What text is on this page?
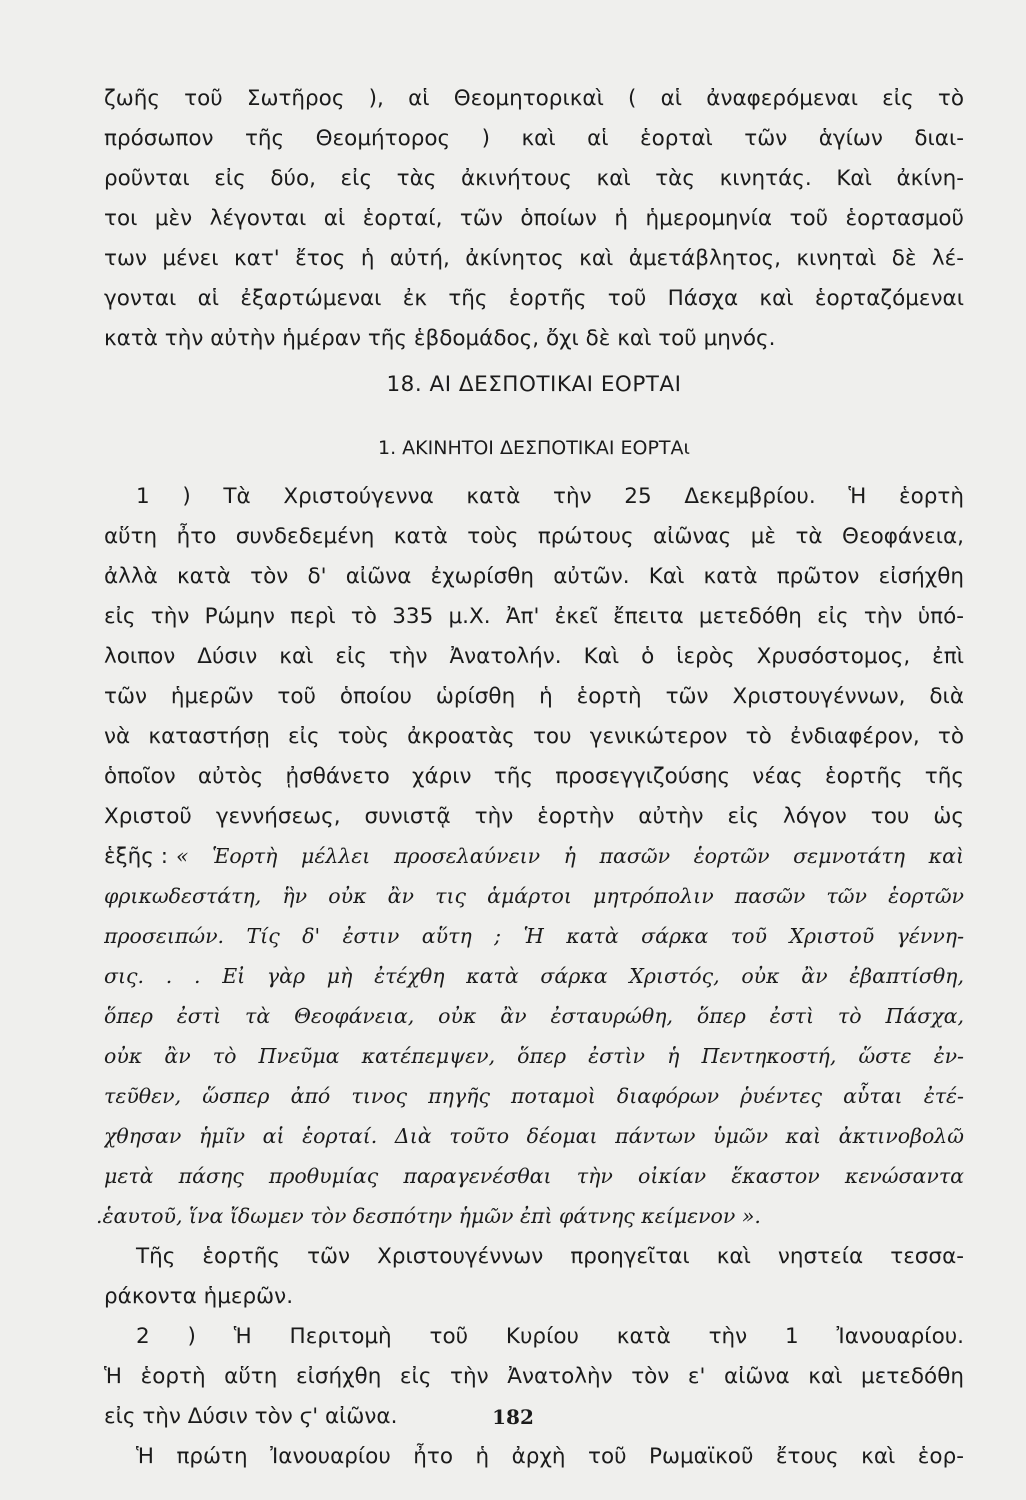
ζωῆς τοῦ Σωτῆρος ), αἱ Θεομητορικαὶ ( αἱ ἀναφερόμεναι εἰς τὸ
πρόσωπον τῆς Θεομήτορος ) καὶ αἱ ἑορταὶ τῶν ἁγίων διαι-
ροῦνται εἰς δύο, εἰς τὰς ἀκινήτους καὶ τὰς κινητάς. Καὶ ἀκίνη-
τοι μὲν λέγονται αἱ ἑορταί, τῶν ὁποίων ἡ ἡμερομηνία τοῦ ἑορτασμοῦ
των μένει κατ' ἔτος ἡ αὐτή, ἀκίνητος καὶ ἀμετάβλητος, κινηταὶ δὲ λέ-
γονται αἱ ἐξαρτώμεναι ἐκ τῆς ἑορτῆς τοῦ Πάσχα καὶ ἑορταζόμεναι
κατὰ τὴν αὐτὴν ἡμέραν τῆς ἑβδομάδος, ὄχι δὲ καὶ τοῦ μηνός.
18. ΑΙ ΔΕΣΠΟΤΙΚΑΙ ΕΟΡΤΑΙ
1. ΑΚΙΝΗΤΟΙ ΔΕΣΠΟΤΙΚΑΙ ΕΟΡΤΑι
1 ) Τὰ Χριστούγεννα κατὰ τὴν 25 Δεκεμβρίου. Ἡ ἑορτὴ
αὕτη ἦτο συνδεδεμένη κατὰ τοὺς πρώτους αἰῶνας μὲ τὰ Θεοφάνεια,
ἀλλὰ κατὰ τὸν δ' αἰῶνα ἐχωρίσθη αὐτῶν. Καὶ κατὰ πρῶτον εἰσήχθη
εἰς τὴν Ρώμην περὶ τὸ 335 μ.Χ. Ἀπ' ἐκεῖ ἔπειτα μετεδόθη εἰς τὴν ὑπό-
λοιπον Δύσιν καὶ εἰς τὴν Ἀνατολήν. Καὶ ὁ ἱερὸς Χρυσόστομος, ἐπὶ
τῶν ἡμερῶν τοῦ ὁποίου ὡρίσθη ἡ ἑορτὴ τῶν Χριστουγέννων, διὰ
νὰ καταστήσῃ εἰς τοὺς ἀκροατὰς του γενικώτερον τὸ ἐνδιαφέρον, τὸ
ὁποῖον αὐτὸς ᾐσθάνετο χάριν τῆς προσεγγιζούσης νέας ἑορτῆς τῆς
Χριστοῦ γεννήσεως, συνιστᾷ τὴν ἑορτὴν αὐτὴν εἰς λόγον του ὡς
ἑξῆς : « Ἑορτὴ μέλλει προσελαύνειν ἡ πασῶν ἑορτῶν σεμνοτάτη καὶ
φρικωδεστάτη, ἣν οὐκ ἂν τις ἁμάρτοι μητρόπολιν πασῶν τῶν ἑορτῶν
προσειπών. Τίς δ' ἐστιν αὕτη ; Ἡ κατὰ σάρκα τοῦ Χριστοῦ γέννη-
σις. . . Εἰ γὰρ μὴ ἐτέχθη κατὰ σάρκα Χριστός, οὐκ ἂν ἐβαπτίσθη,
ὅπερ ἐστὶ τὰ Θεοφάνεια, οὐκ ἂν ἐσταυρώθη, ὅπερ ἐστὶ τὸ Πάσχα,
οὐκ ἂν τὸ Πνεῦμα κατέπεμψεν, ὅπερ ἐστὶν ἡ Πεντηκοστή, ὥστε ἐν-
τεῦθεν, ὥσπερ ἀπό τινος πηγῆς ποταμοὶ διαφόρων ῥυέντες αὗται ἐτέ-
χθησαν ἡμῖν αἱ ἑορταί. Διὰ τοῦτο δέομαι πάντων ὑμῶν καὶ ἀκτινοβολῶ
μετὰ πάσης προθυμίας παραγενέσθαι τὴν οἰκίαν ἕκαστον κενώσαντα
.ἑαυτοῦ, ἵνα ἴδωμεν τὸν δεσπότην ἡμῶν ἐπὶ φάτνης κείμενον ».
Τῆς ἑορτῆς τῶν Χριστουγέννων προηγεῖται καὶ νηστεία τεσσα-
ράκοντα ἡμερῶν.
2 ) Ἡ Περιτομὴ τοῦ Κυρίου κατὰ τὴν 1 Ἰανουαρίου.
Ἡ ἑορτὴ αὕτη εἰσήχθη εἰς τὴν Ἀνατολὴν τὸν ε' αἰῶνα καὶ μετεδόθη
εἰς τὴν Δύσιν τὸν ϛ' αἰῶνα.
Ἡ πρώτη Ἰανουαρίου ἦτο ἡ ἀρχὴ τοῦ Ρωμαϊκοῦ ἔτους καὶ ἑορ-
182
